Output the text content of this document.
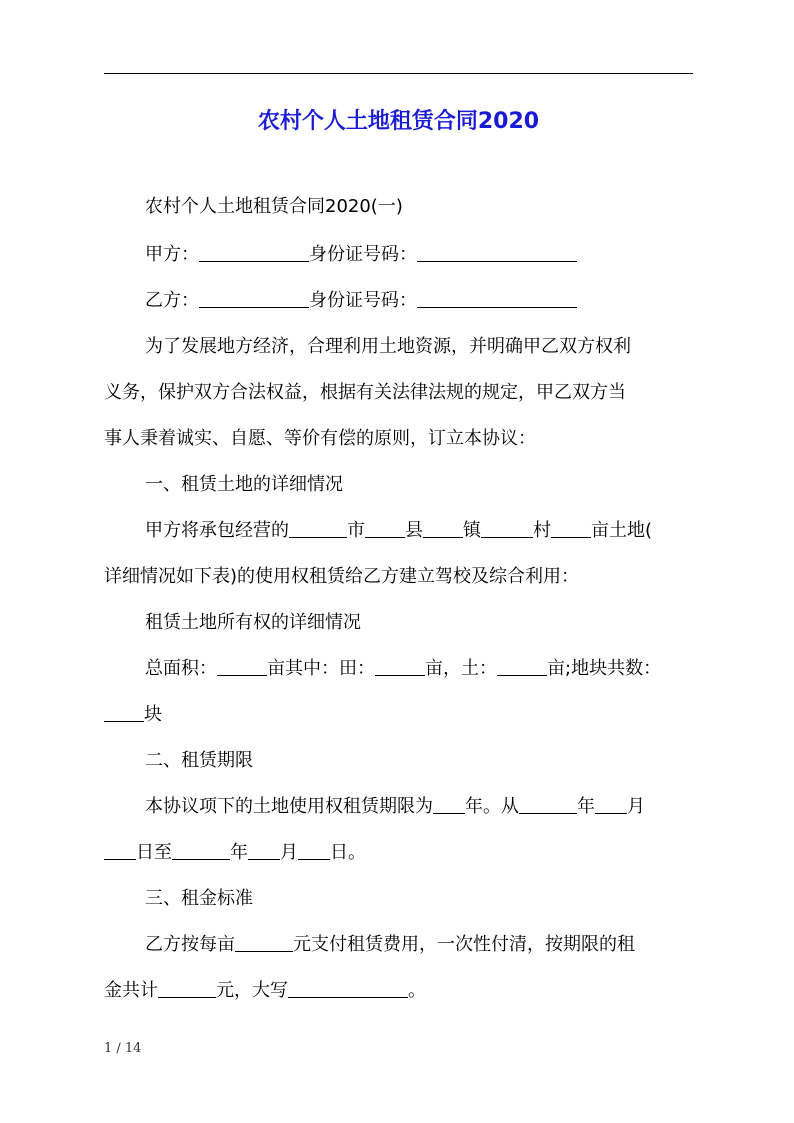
农村个人土地租赁合同2020
农村个人土地租赁合同2020(一)
甲方：	身份证号码：
乙方：	身份证号码：
为了发展地方经济，合理利用土地资源，并明确甲乙双方权利
义务，保护双方合法权益，根据有关法律法规的规定，甲乙双方当
事人秉着诚实、自愿、等价有偿的原则，订立本协议：
一、租赁土地的详细情况
甲方将承包经营的	市 县 镇	村 亩土地(
详细情况如下表)的使用权租赁给乙方建立驾校及综合利用：
租赁土地所有权的详细情况
总面积：	亩其中：田：	亩，土：	亩;地块共数：
块
二、租赁期限
本协议项下的土地使用权租赁期限为 年。从	年 月
日至	年 月 日。
三、租金标准
乙方按每亩	元支付租赁费用，一次性付清，按期限的租
金共计	元，大写	。
1 / 14
